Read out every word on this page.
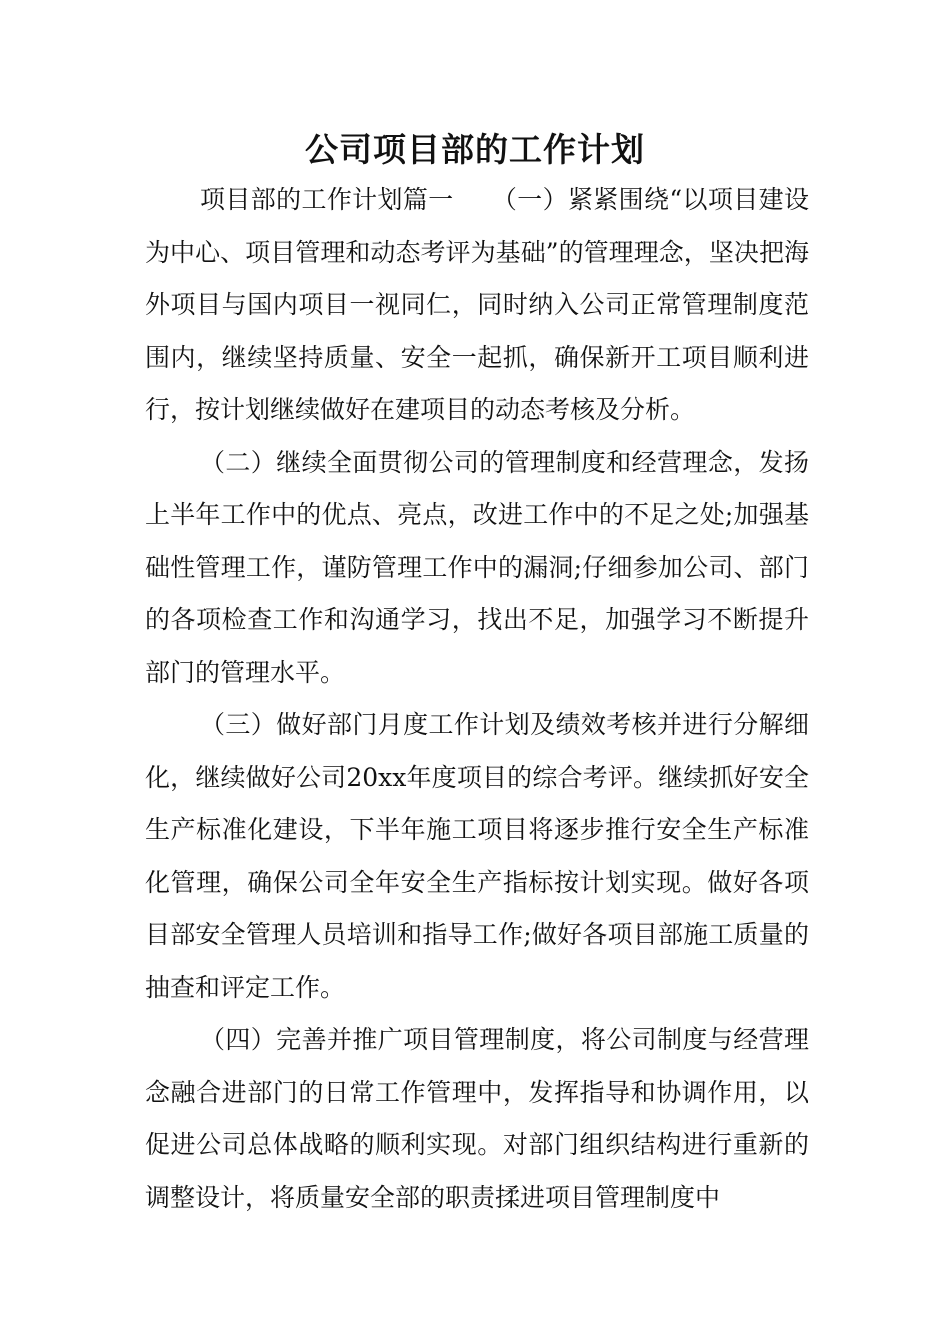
公司项目部的工作计划

项目部的工作计划篇一　　（一）紧紧围绕“以项目建设为中心、项目管理和动态考评为基础”的管理理念，坚决把海外项目与国内项目一视同仁，同时纳入公司正常管理制度范围内，继续坚持质量、安全一起抓，确保新开工项目顺利进行，按计划继续做好在建项目的动态考核及分析。

（二）继续全面贯彻公司的管理制度和经营理念，发扬上半年工作中的优点、亮点，改进工作中的不足之处;加强基础性管理工作，谨防管理工作中的漏洞;仔细参加公司、部门的各项检查工作和沟通学习，找出不足，加强学习不断提升部门的管理水平。

（三）做好部门月度工作计划及绩效考核并进行分解细化，继续做好公司20xx年度项目的综合考评。继续抓好安全生产标准化建设，下半年施工项目将逐步推行安全生产标准化管理，确保公司全年安全生产指标按计划实现。做好各项目部安全管理人员培训和指导工作;做好各项目部施工质量的抽查和评定工作。

（四）完善并推广项目管理制度，将公司制度与经营理念融合进部门的日常工作管理中，发挥指导和协调作用，以促进公司总体战略的顺利实现。对部门组织结构进行重新的调整设计，将质量安全部的职责揉进项目管理制度中
